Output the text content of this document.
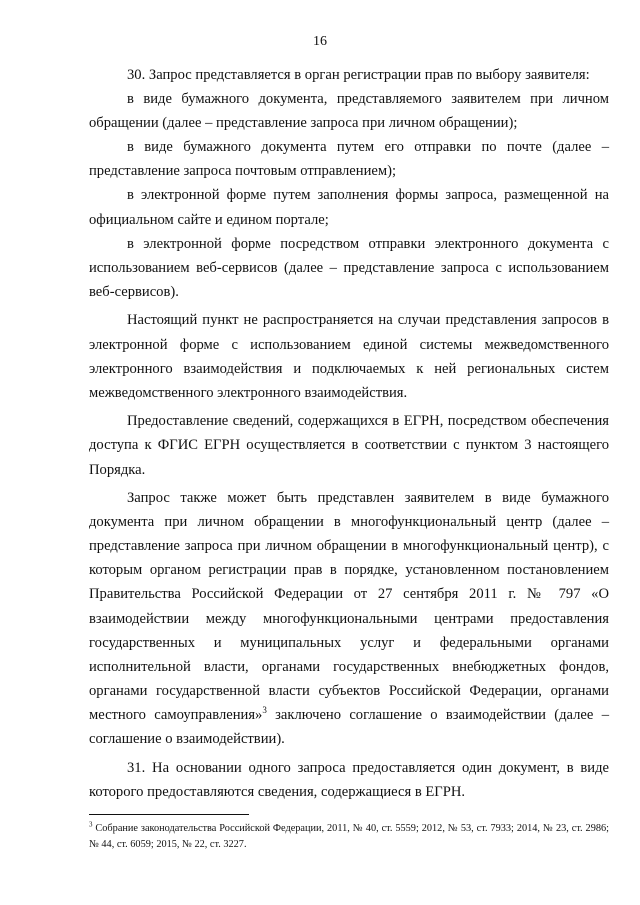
16

30. Запрос представляется в орган регистрации прав по выбору заявителя:

в виде бумажного документа, представляемого заявителем при личном обращении (далее – представление запроса при личном обращении);

в виде бумажного документа путем его отправки по почте (далее – представление запроса почтовым отправлением);

в электронной форме путем заполнения формы запроса, размещенной на официальном сайте и едином портале;

в электронной форме посредством отправки электронного документа с использованием веб-сервисов (далее – представление запроса с использованием веб-сервисов).

Настоящий пункт не распространяется на случаи представления запросов в электронной форме с использованием единой системы межведомственного электронного взаимодействия и подключаемых к ней региональных систем межведомственного электронного взаимодействия.

Предоставление сведений, содержащихся в ЕГРН, посредством обеспечения доступа к ФГИС ЕГРН осуществляется в соответствии с пунктом 3 настоящего Порядка.

Запрос также может быть представлен заявителем в виде бумажного документа при личном обращении в многофункциональный центр (далее – представление запроса при личном обращении в многофункциональный центр), с которым органом регистрации прав в порядке, установленном постановлением Правительства Российской Федерации от 27 сентября 2011 г. № 797 «О взаимодействии между многофункциональными центрами предоставления государственных и муниципальных услуг и федеральными органами исполнительной власти, органами государственных внебюджетных фондов, органами государственной власти субъектов Российской Федерации, органами местного самоуправления»$^3$ заключено соглашение о взаимодействии (далее – соглашение о взаимодействии).

31. На основании одного запроса предоставляется один документ, в виде которого предоставляются сведения, содержащиеся в ЕГРН.

$^3$ Собрание законодательства Российской Федерации, 2011, № 40, ст. 5559; 2012, № 53, ст. 7933; 2014, № 23, ст. 2986; № 44, ст. 6059; 2015, № 22, ст. 3227.
